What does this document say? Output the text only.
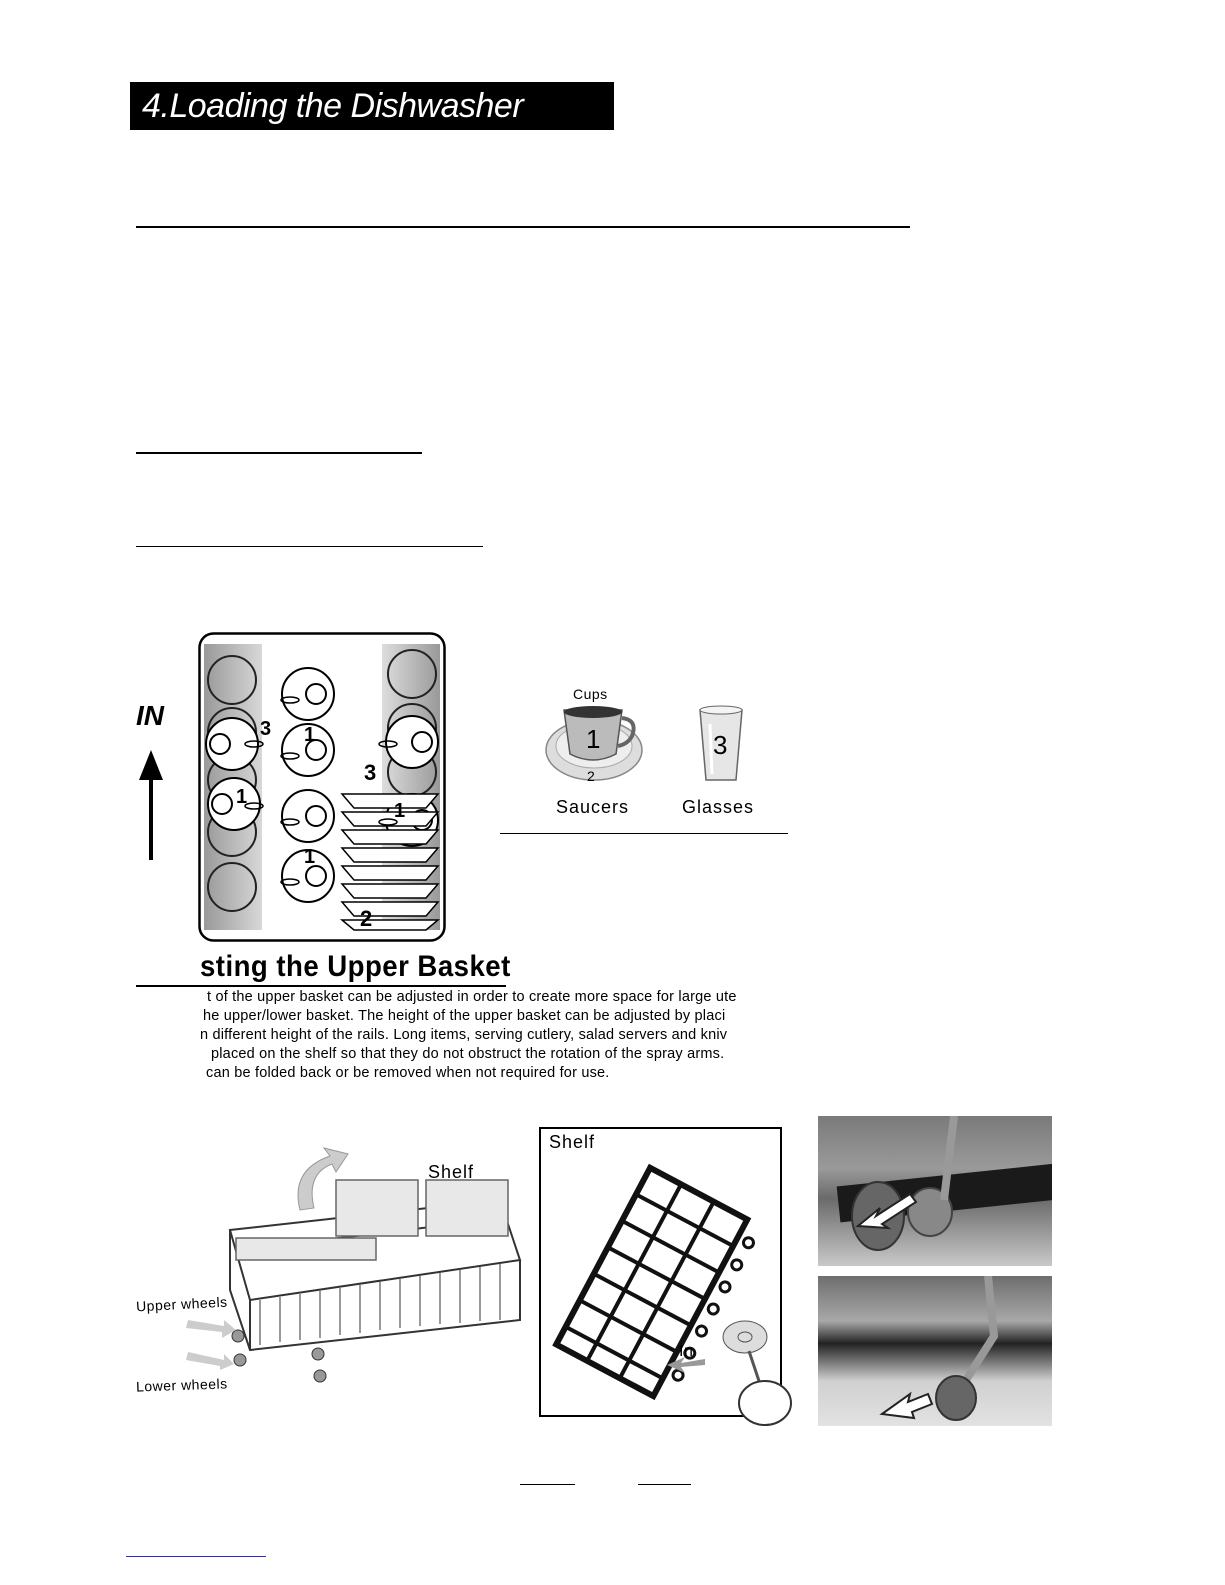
4.Loading the Dishwasher Basket
IN	3 1
1
1
3
1
2
Cups
1
2
3
Saucers	Glasses
sting the Upper Basket
t of the upper basket can be adjusted in order to create more space for large ute
he upper/lower basket. The height of the upper basket can be adjusted by placi
n different height of the rails. Long items, serving cutlery, salad servers and kniv
placed on the shelf so that they do not obstruct the rotation of the spray arms.
can be folded back or be removed when not required for use.
Shelf
Upper wheels
Lower wheels
Shelf
In
